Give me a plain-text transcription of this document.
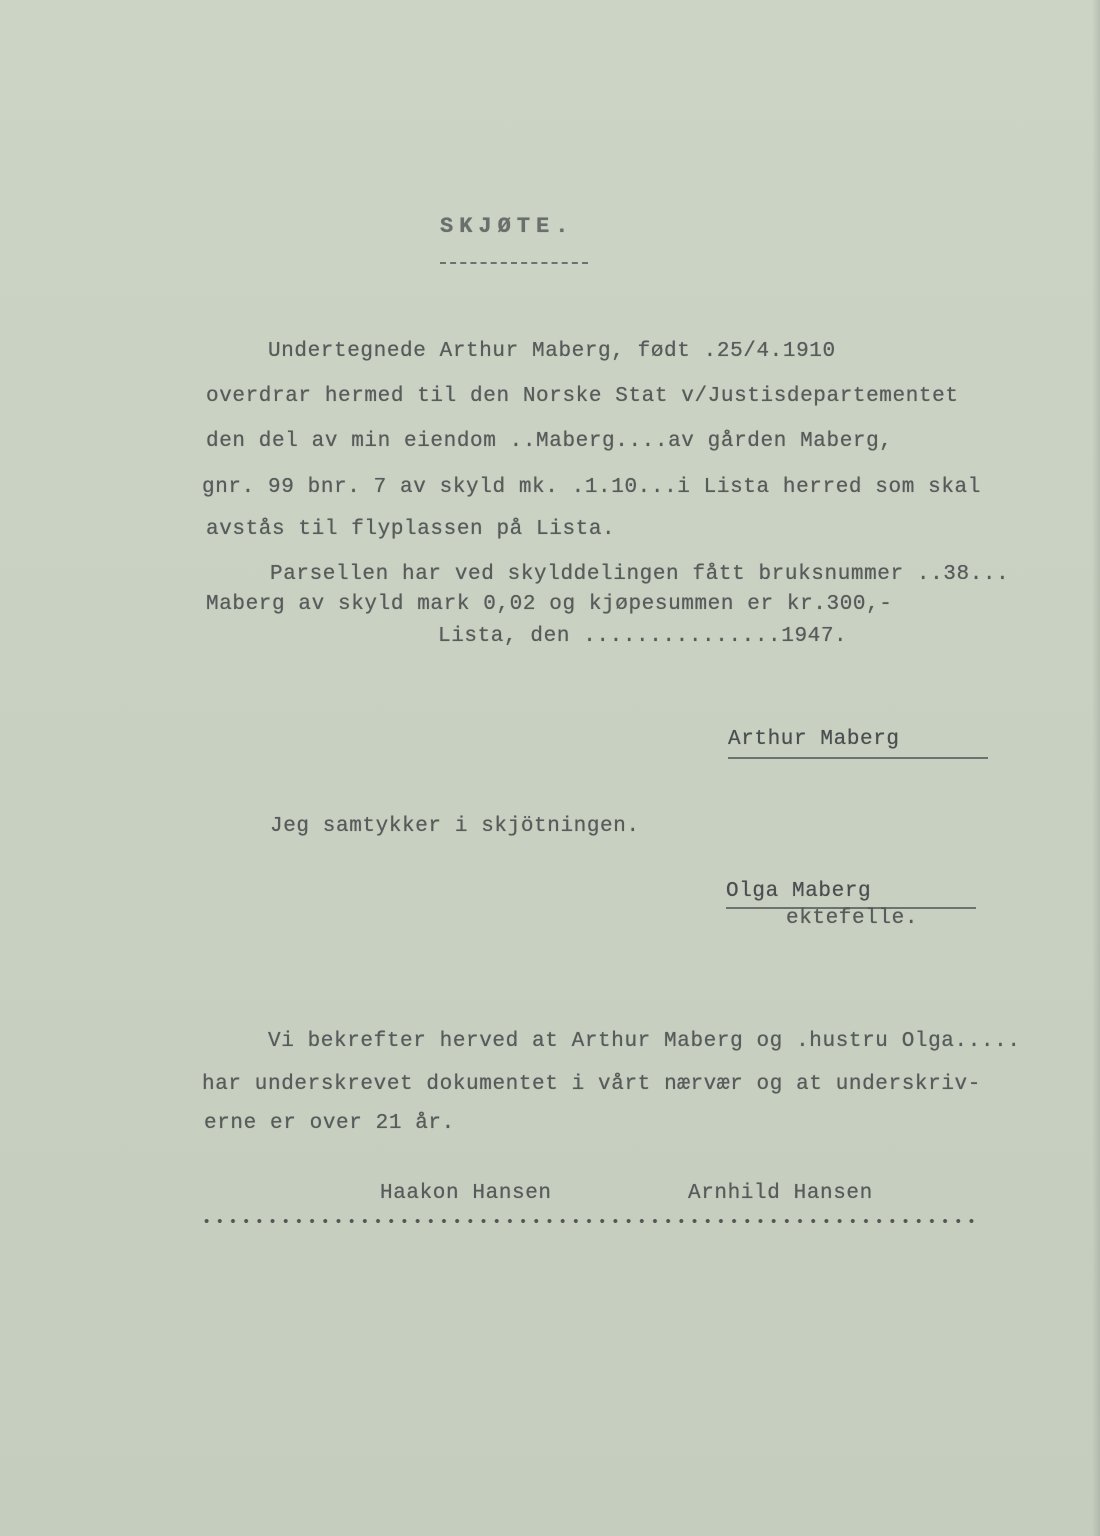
SKJØTE.
Undertegnede Arthur Maberg, født .25/4.1910
overdrar hermed til den Norske Stat v/Justisdepartementet
den del av min eiendom ..Maberg....av gården Maberg,
gnr. 99 bnr. 7 av skyld mk. .1.10...i Lista herred som skal
avstås til flyplassen på Lista.
Parsellen har ved skylddelingen fått bruksnummer ..38...
Maberg av skyld mark 0,02 og kjøpesummen er kr.300,-
Lista, den ...............1947.
Arthur Maberg
Jeg samtykker i skjötningen.
Olga Maberg
ektefelle.
Vi bekrefter herved at Arthur Maberg og .hustru Olga.....
har underskrevet dokumentet i vårt nærvær og at underskriv-
erne er over 21 år.
Haakon Hansen	Arnhild Hansen
